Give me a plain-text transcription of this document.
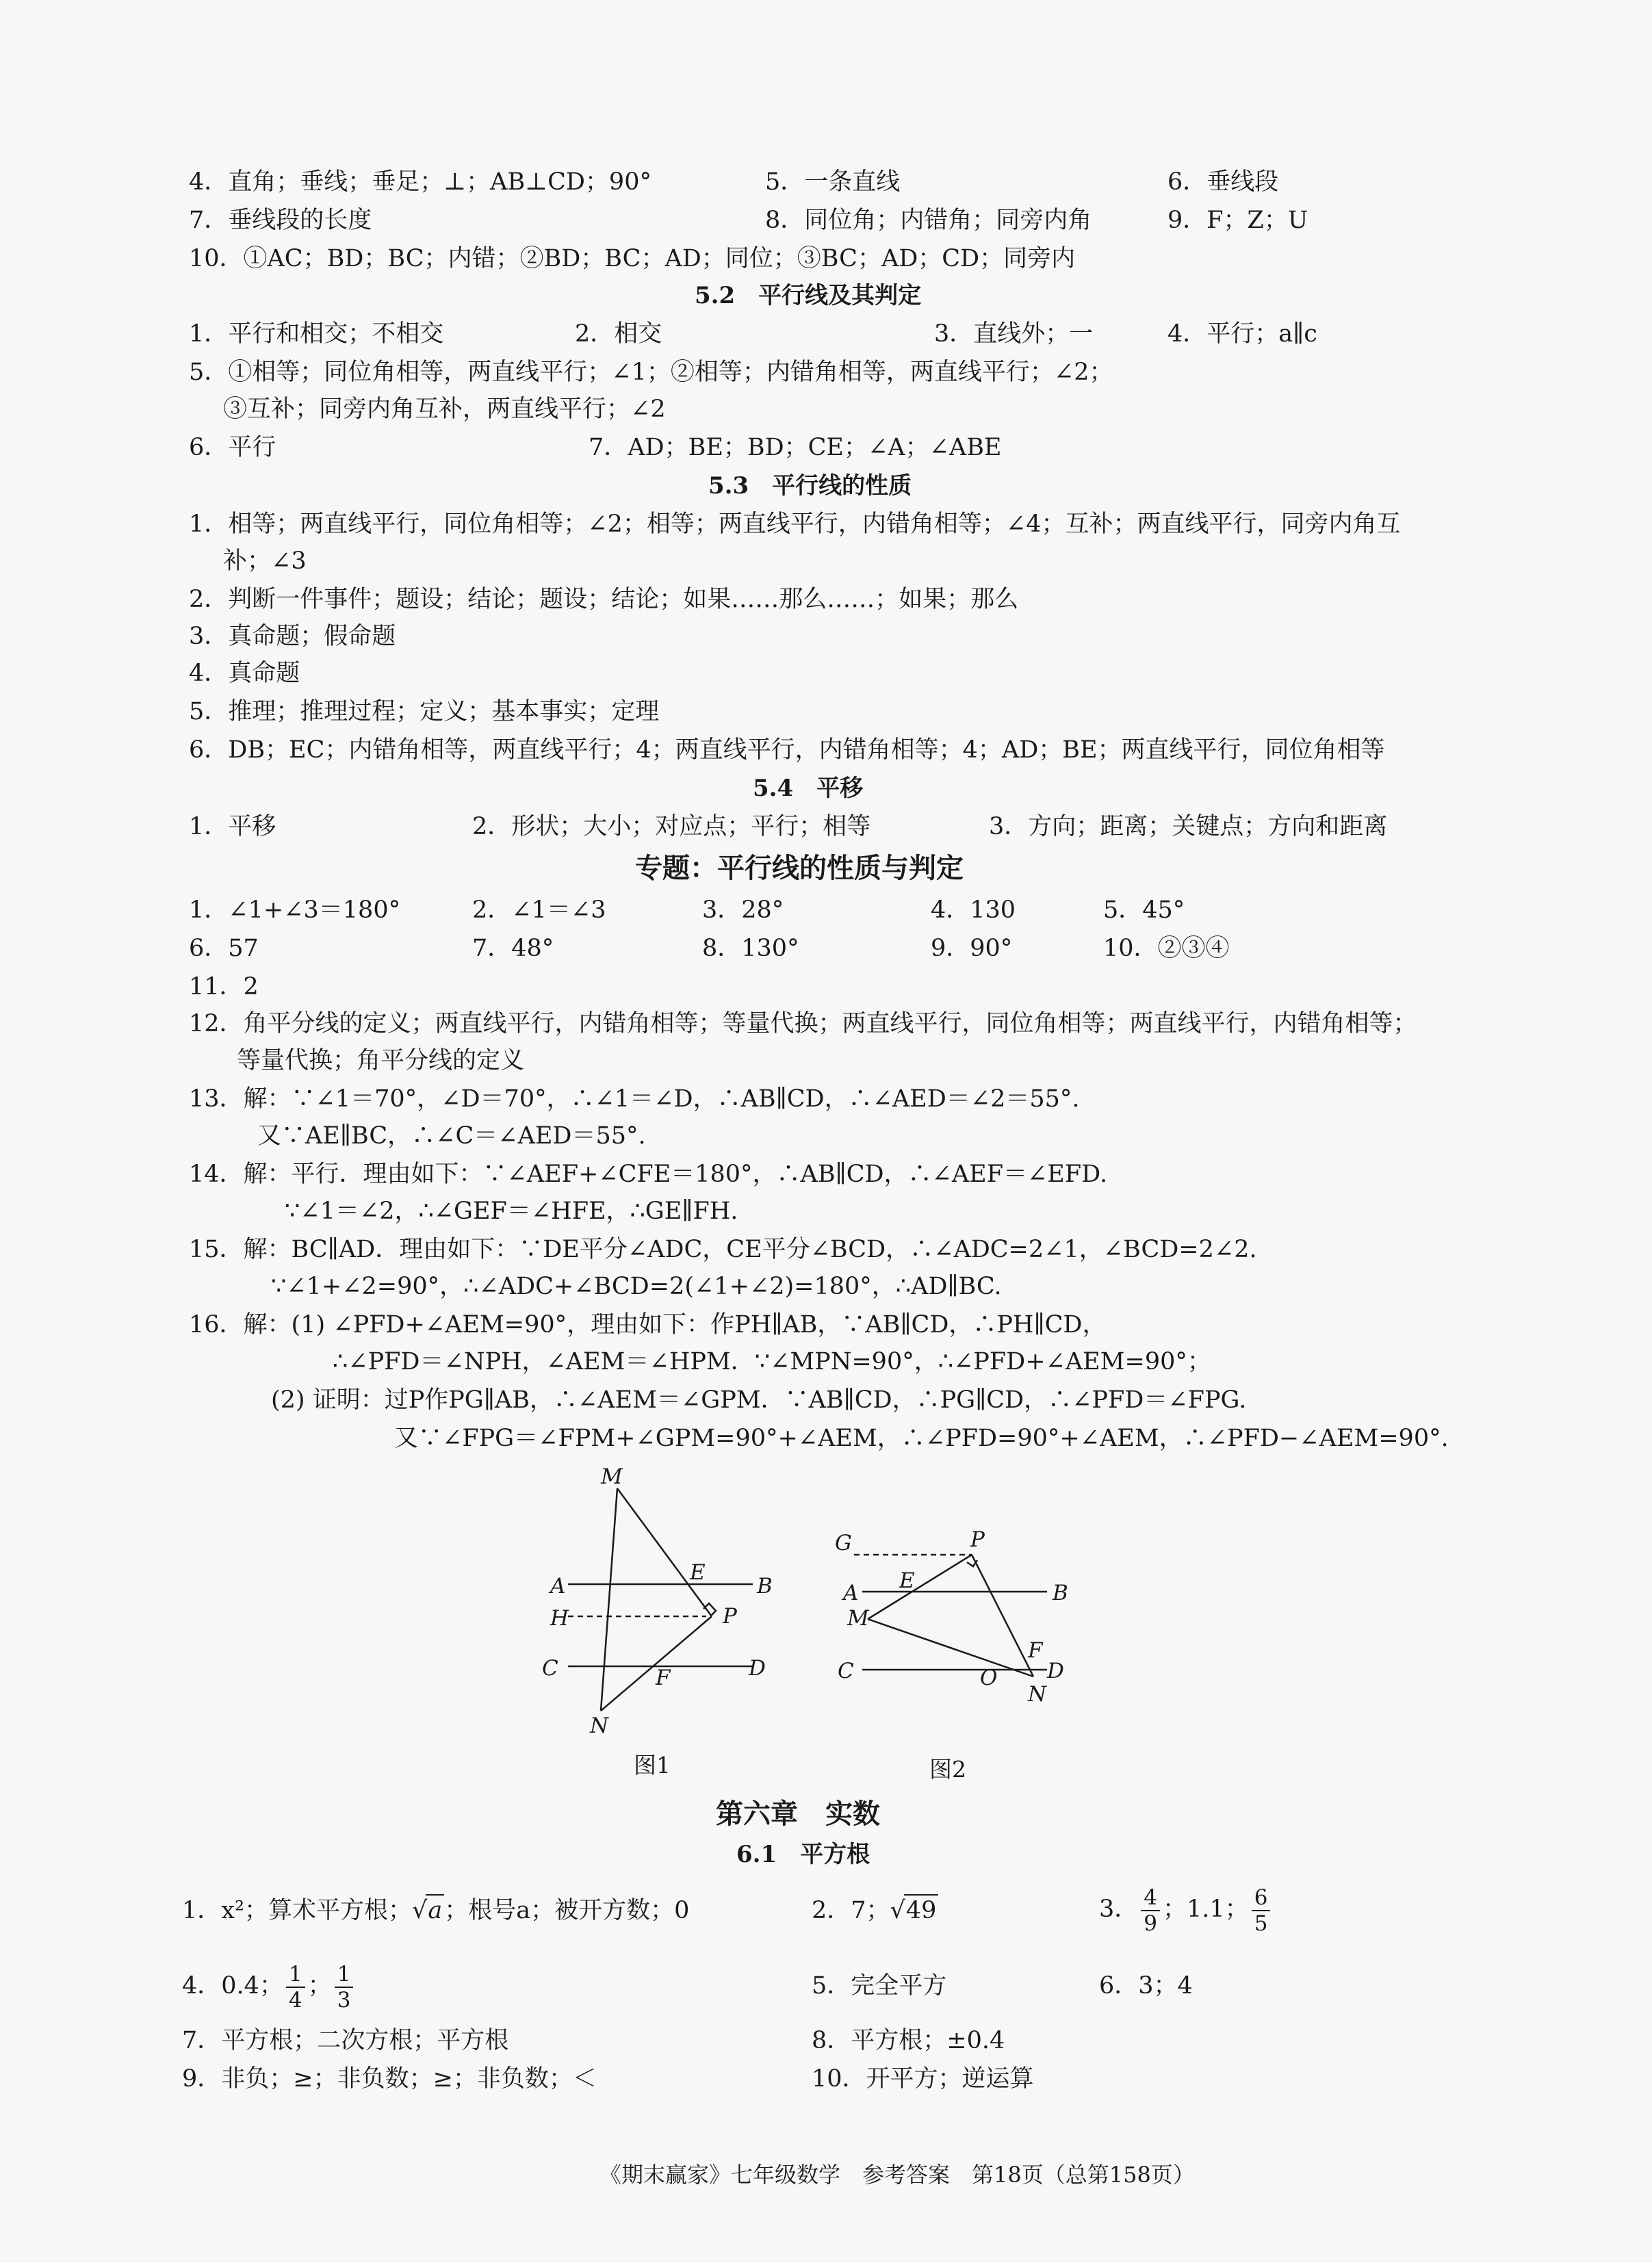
4．直角；垂线；垂足；⊥；AB⊥CD；90°	5．一条直线	6．垂线段
7．垂线段的长度	8．同位角；内错角；同旁内角	9．F；Z；U
10．①AC；BD；BC；内错；②BD；BC；AD；同位；③BC；AD；CD；同旁内
5.2　平行线及其判定
1．平行和相交；不相交	2．相交	3．直线外；一	4．平行；a∥c
5．①相等；同位角相等，两直线平行；∠1；②相等；内错角相等，两直线平行；∠2；
③互补；同旁内角互补，两直线平行；∠2
6．平行	7．AD；BE；BD；CE；∠A；∠ABE
5.3　平行线的性质
1．相等；两直线平行，同位角相等；∠2；相等；两直线平行，内错角相等；∠4；互补；两直线平行，同旁内角互
补；∠3
2．判断一件事件；题设；结论；题设；结论；如果……那么……；如果；那么
3．真命题；假命题
4．真命题
5．推理；推理过程；定义；基本事实；定理
6．DB；EC；内错角相等，两直线平行；4；两直线平行，内错角相等；4；AD；BE；两直线平行，同位角相等
5.4　平移
1．平移	2．形状；大小；对应点；平行；相等	3．方向；距离；关键点；方向和距离
专题：平行线的性质与判定
1．∠1+∠3＝180°	2．∠1＝∠3	3．28°	4．130	5．45°
6．57	7．48°	8．130°	9．90°	10．②③④
11．2
12．角平分线的定义；两直线平行，内错角相等；等量代换；两直线平行，同位角相等；两直线平行，内错角相等；
等量代换；角平分线的定义
13．解：∵∠1＝70°，∠D＝70°，∴∠1＝∠D，∴AB∥CD，∴∠AED＝∠2＝55°.
又∵AE∥BC，∴∠C＝∠AED＝55°.
14．解：平行．理由如下：∵∠AEF+∠CFE＝180°，∴AB∥CD，∴∠AEF＝∠EFD.
∵∠1＝∠2，∴∠GEF＝∠HFE，∴GE∥FH.
15．解：BC∥AD．理由如下：∵DE平分∠ADC，CE平分∠BCD，∴∠ADC=2∠1，∠BCD=2∠2.
∵∠1+∠2=90°，∴∠ADC+∠BCD=2(∠1+∠2)=180°，∴AD∥BC.
16．解：(1) ∠PFD+∠AEM=90°，理由如下：作PH∥AB，∵AB∥CD，∴PH∥CD，
∴∠PFD＝∠NPH，∠AEM＝∠HPM．∵∠MPN=90°，∴∠PFD+∠AEM=90°；
(2) 证明：过P作PG∥AB，∴∠AEM＝∠GPM．∵AB∥CD，∴PG∥CD，∴∠PFD＝∠FPG.
又∵∠FPG＝∠FPM+∠GPM=90°+∠AEM，∴∠PFD=90°+∠AEM，∴∠PFD−∠AEM=90°.
M
A
E
B
H	P
C	F	D
N
图1
G	P
A E	B
M
F
C	O D
N
图2
第六章　实数
6.1　平方根
1．x²；算术平方根；√a；根号a；被开方数；0	2．7；√49	3． $\frac{4}{9}$ ；1.1； $\frac{6}{5}$
4．0.4； $\frac{1}{4}$ ； $\frac{1}{3}$	5．完全平方	6．3；4
7．平方根；二次方根；平方根	8．平方根；±0.4
9．非负；≥；非负数；≥；非负数；＜	10．开平方；逆运算
《期末赢家》七年级数学　参考答案　第18页（总第158页）
